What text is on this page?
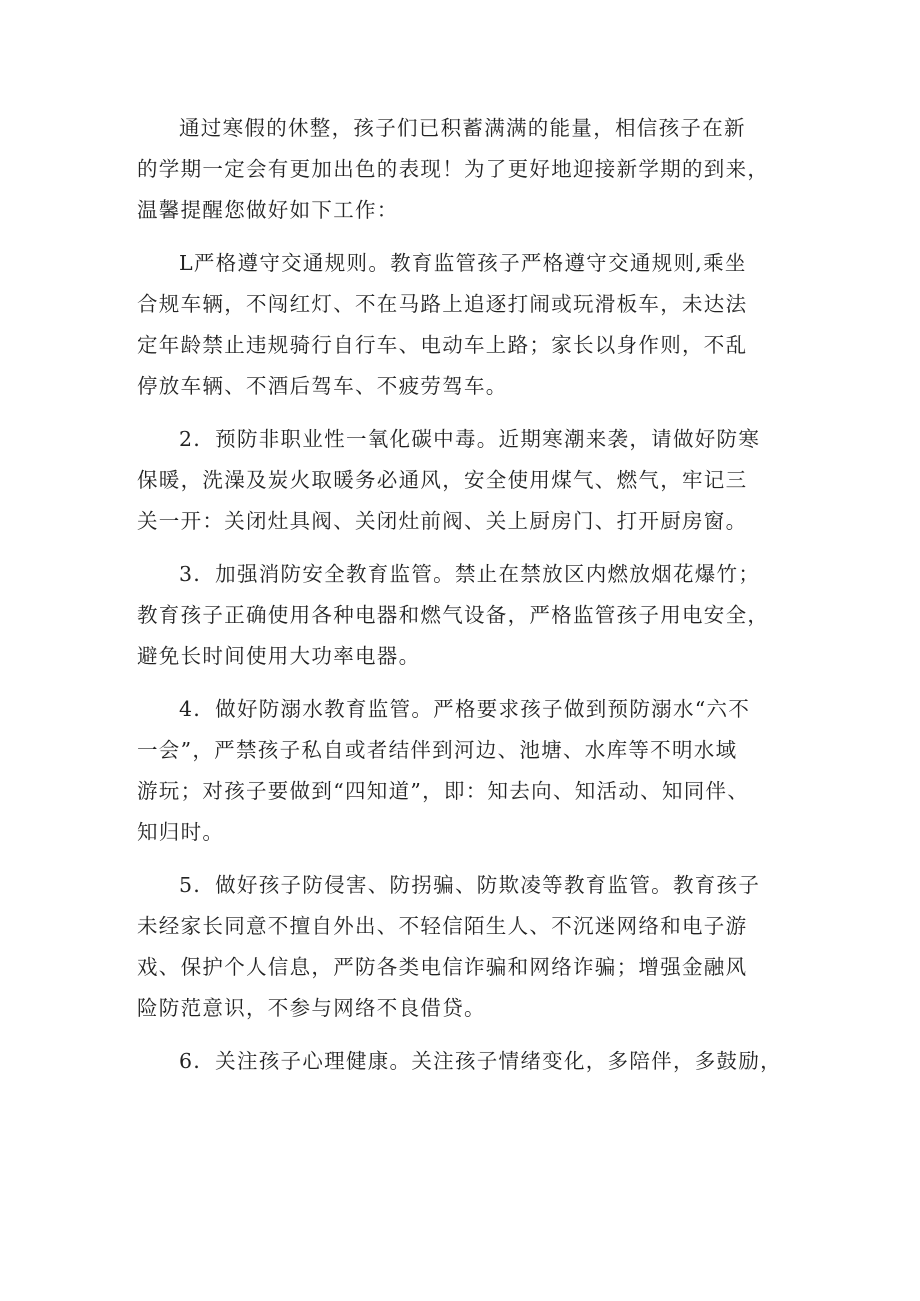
通过寒假的休整，孩子们已积蓄满满的能量，相信孩子在新
的学期一定会有更加出色的表现！为了更好地迎接新学期的到来，
温馨提醒您做好如下工作：
L严格遵守交通规则。教育监管孩子严格遵守交通规则,乘坐
合规车辆，不闯红灯、不在马路上追逐打闹或玩滑板车，未达法
定年龄禁止违规骑行自行车、电动车上路；家长以身作则，不乱
停放车辆、不酒后驾车、不疲劳驾车。
2．预防非职业性一氧化碳中毒。近期寒潮来袭，请做好防寒
保暖，洗澡及炭火取暖务必通风，安全使用煤气、燃气，牢记三
关一开：关闭灶具阀、关闭灶前阀、关上厨房门、打开厨房窗。
3．加强消防安全教育监管。禁止在禁放区内燃放烟花爆竹；
教育孩子正确使用各种电器和燃气设备，严格监管孩子用电安全，
避免长时间使用大功率电器。
4．做好防溺水教育监管。严格要求孩子做到预防溺水“六不
一会”，严禁孩子私自或者结伴到河边、池塘、水库等不明水域
游玩；对孩子要做到“四知道”，即：知去向、知活动、知同伴、
知归时。
5．做好孩子防侵害、防拐骗、防欺凌等教育监管。教育孩子
未经家长同意不擅自外出、不轻信陌生人、不沉迷网络和电子游
戏、保护个人信息，严防各类电信诈骗和网络诈骗；增强金融风
险防范意识，不参与网络不良借贷。
6．关注孩子心理健康。关注孩子情绪变化，多陪伴，多鼓励，
